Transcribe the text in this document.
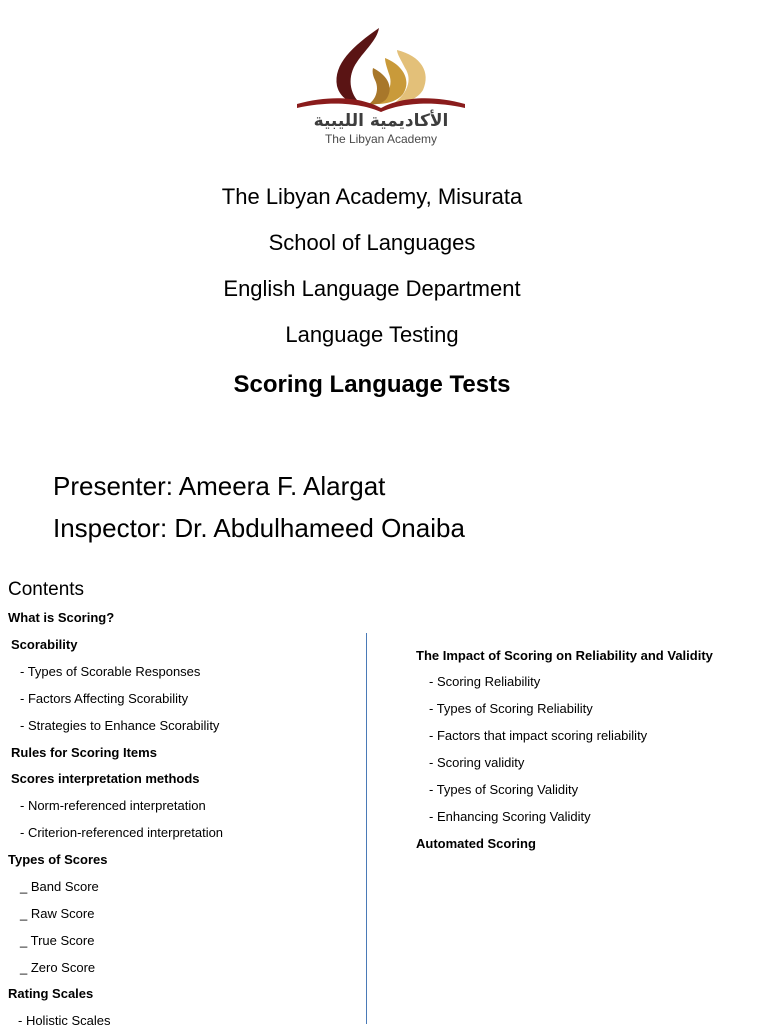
الأكاديمية الليبية
The Libyan Academy
The Libyan Academy, Misurata
School of Languages
English Language Department
Language Testing
Scoring Language Tests
Presenter: Ameera F. Alargat
Inspector: Dr. Abdulhameed Onaiba
Contents
What is Scoring?
Scorability
- Types of Scorable Responses
- Factors Affecting Scorability
- Strategies to Enhance Scorability
Rules for Scoring Items
Scores interpretation methods
- Norm-referenced interpretation
- Criterion-referenced interpretation
Types of Scores
_ Band Score
_ Raw Score
_ True Score
_ Zero Score
Rating Scales
- Holistic Scales
The Impact of Scoring on Reliability and Validity
- Scoring Reliability
- Types of Scoring Reliability
- Factors that impact scoring reliability
- Scoring validity
- Types of Scoring Validity
- Enhancing Scoring Validity
Automated Scoring
